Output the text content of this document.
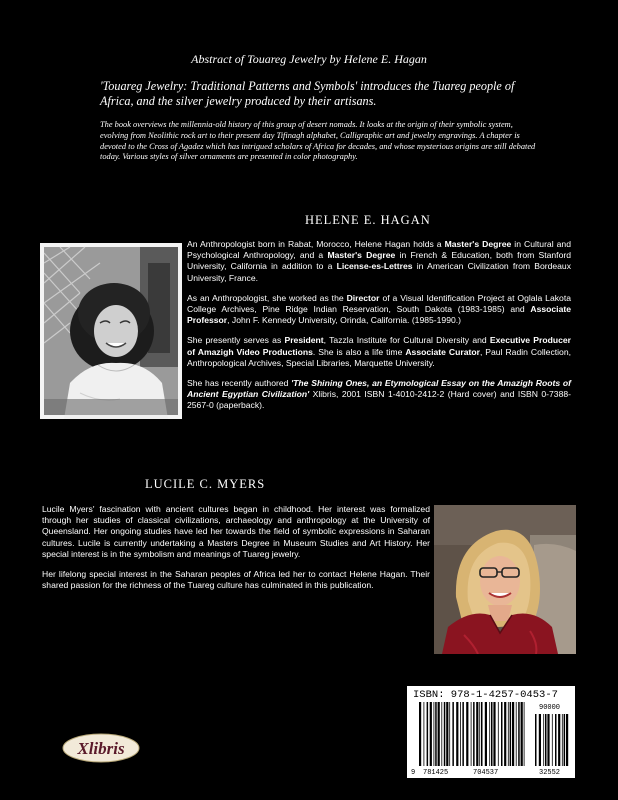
Abstract of Touareg Jewelry by Helene E. Hagan
'Touareg Jewelry: Traditional Patterns and Symbols' introduces the Tuareg people of Africa, and the silver jewelry produced by their artisans.
The book overviews the millennia-old history of this group of desert nomads. It looks at the origin of their symbolic system, evolving from Neolithic rock art to their present day Tifinagh alphabet, Calligraphic art and jewelry engravings. A chapter is devoted to the Cross of Agadez which has intrigued scholars of Africa for decades, and whose mysterious origins are still debated today. Various styles of silver ornaments are presented in color photography.
HELENE E. HAGAN

An Anthropologist born in Rabat, Morocco, Helene Hagan holds a Master's Degree in Cultural and Psychological Anthropology, and a Master's Degree in French & Education, both from Stanford University, California in addition to a License-es-Lettres in American Civilization from Bordeaux University, France.

As an Anthropologist, she worked as the Director of a Visual Identification Project at Oglala Lakota College Archives, Pine Ridge Indian Reservation, South Dakota (1983-1985) and Associate Professor, John F. Kennedy University, Orinda, California. (1985-1990.)

She presently serves as President, Tazzla Institute for Cultural Diversity and Executive Producer of Amazigh Video Productions. She is also a life time Associate Curator, Paul Radin Collection, Anthropological Archives, Special Libraries, Marquette University.

She has recently authored 'The Shining Ones, an Etymological Essay on the Amazigh Roots of Ancient Egyptian Civilization' Xlibris, 2001 ISBN 1-4010-2412-2 (Hard cover) and ISBN 0-7388-2567-0 (paperback).

LUCILE C. MYERS

Lucile Myers' fascination with ancient cultures began in childhood. Her interest was formalized through her studies of classical civilizations, archaeology and anthropology at the University of Queensland. Her ongoing studies have led her towards the field of symbolic expressions in Saharan cultures. Lucile is currently undertaking a Masters Degree in Museum Studies and Art History. Her special interest is in the symbolism and meanings of Tuareg jewelry.

Her lifelong special interest in the Saharan peoples of Africa led her to contact Helene Hagan. Their shared passion for the richness of the Tuareg culture has culminated in this publication.

Xlibris
ISBN: 978-1-4257-0453-7
90000
9 781425	704537	32552
